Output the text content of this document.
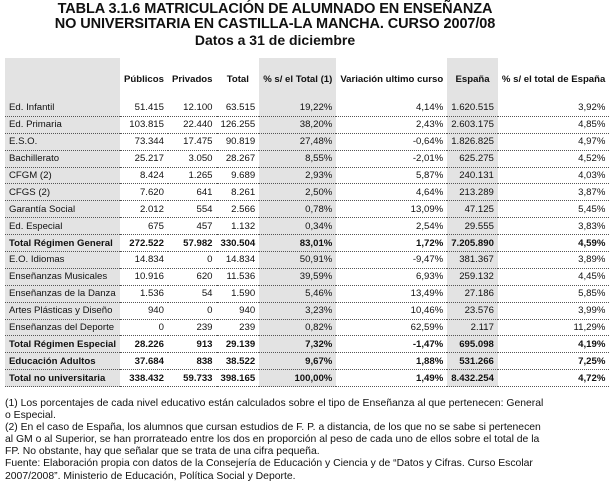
TABLA 3.1.6 MATRICULACIÓN DE ALUMNADO EN ENSEÑANZA
NO UNIVERSITARIA EN CASTILLA-LA MANCHA. CURSO 2007/08
Datos a 31 de diciembre
	Públicos	Privados	Total	% s/ el Total (1)	Variación ultimo curso	España	% s/ el total de España
Ed. Infantil	51.415	12.100	63.515	19,22%	4,14%	1.620.515	3,92%
Ed. Primaria	103.815	22.440	126.255	38,20%	2,43%	2.603.175	4,85%
E.S.O.	73.344	17.475	90.819	27,48%	-0,64%	1.826.825	4,97%
Bachillerato	25.217	3.050	28.267	8,55%	-2,01%	625.275	4,52%
CFGM (2)	8.424	1.265	9.689	2,93%	5,87%	240.131	4,03%
CFGS (2)	7.620	641	8.261	2,50%	4,64%	213.289	3,87%
Garantía Social	2.012	554	2.566	0,78%	13,09%	47.125	5,45%
Ed. Especial	675	457	1.132	0,34%	2,54%	29.555	3,83%
Total Régimen General	272.522	57.982	330.504	83,01%	1,72%	7.205.890	4,59%
E.O. Idiomas	14.834	0	14.834	50,91%	-9,47%	381.367	3,89%
Enseñanzas Musicales	10.916	620	11.536	39,59%	6,93%	259.132	4,45%
Enseñanzas de la Danza	1.536	54	1.590	5,46%	13,49%	27.186	5,85%
Artes Plásticas y Diseño	940	0	940	3,23%	10,46%	23.576	3,99%
Enseñanzas del Deporte	0	239	239	0,82%	62,59%	2.117	11,29%
Total Régimen Especial	28.226	913	29.139	7,32%	-1,47%	695.098	4,19%
Educación Adultos	37.684	838	38.522	9,67%	1,88%	531.266	7,25%
Total no universitaria	338.432	59.733	398.165	100,00%	1,49%	8.432.254	4,72%

(1) Los porcentajes de cada nivel educativo están calculados sobre el tipo de Enseñanza al que pertenecen: General o Especial.

(2) En el caso de España, los alumnos que cursan estudios de F. P. a distancia, de los que no se sabe si pertenecen al GM o al Superior, se han prorrateado entre los dos en proporción al peso de cada uno de ellos sobre el total de la FP. No obstante, hay que señalar que se trata de una cifra pequeña.

Fuente: Elaboración propia con datos de la Consejería de Educación y Ciencia y de “Datos y Cifras. Curso Escolar 2007/2008”. Ministerio de Educación, Política Social y Deporte.
